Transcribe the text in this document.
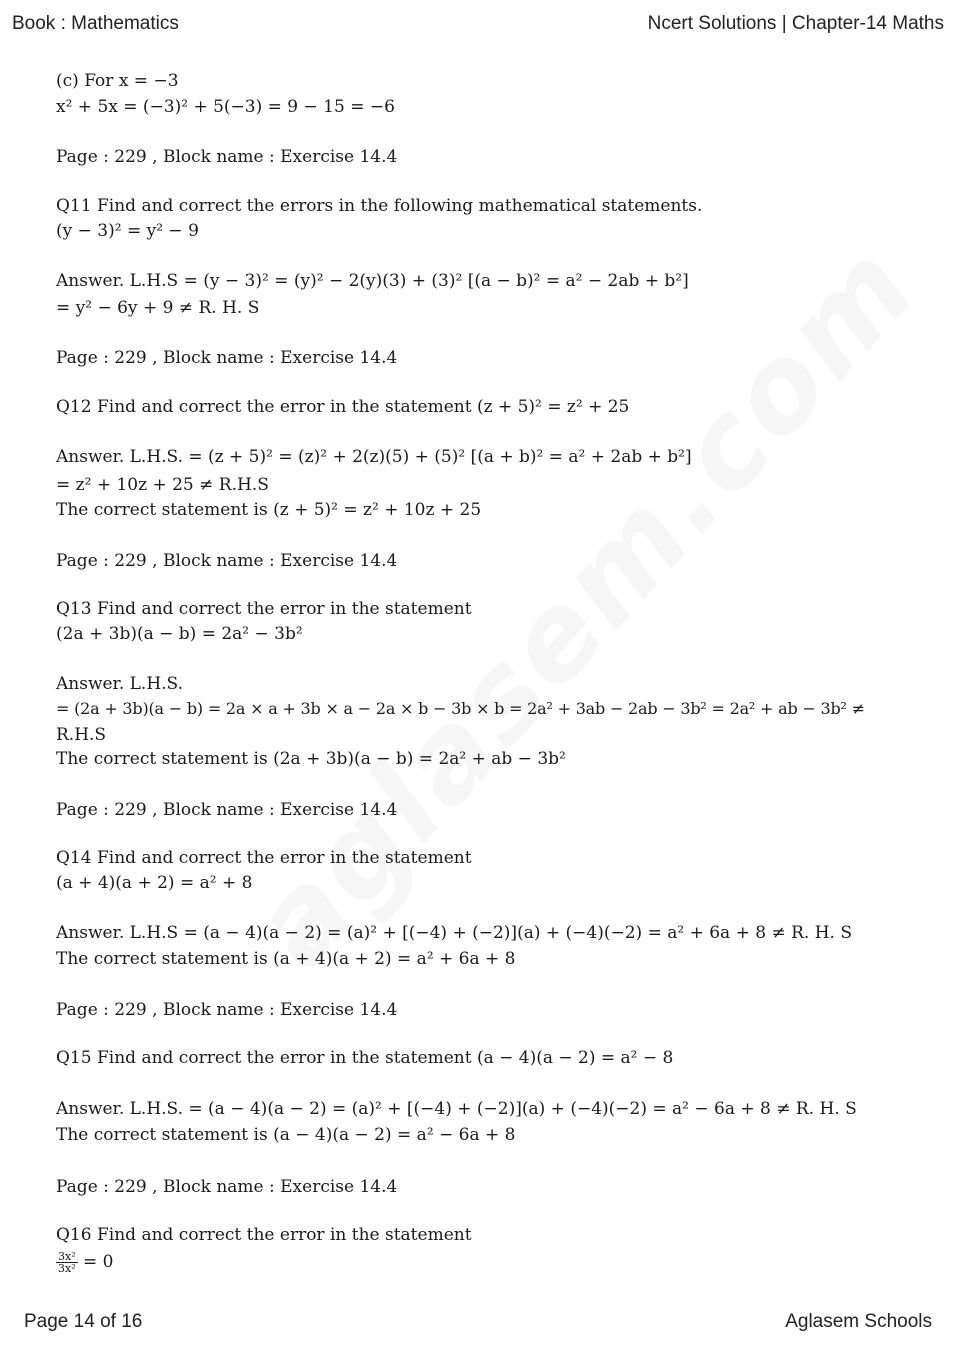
Book : Mathematics	Ncert Solutions | Chapter-14 Maths
(c) For x = −3
x² + 5x = (−3)² + 5(−3) = 9 − 15 = −6
Page : 229 , Block name : Exercise 14.4
Q11 Find and correct the errors in the following mathematical statements.
(y − 3)² = y² − 9
Answer. L.H.S = (y − 3)² = (y)² − 2(y)(3) + (3)² [(a − b)² = a² − 2ab + b²]
= y² − 6y + 9 ≠ R. H. S
Page : 229 , Block name : Exercise 14.4
Q12 Find and correct the error in the statement (z + 5)² = z² + 25
Answer. L.H.S. = (z + 5)² = (z)² + 2(z)(5) + (5)² [(a + b)² = a² + 2ab + b²]
= z² + 10z + 25 ≠ R.H.S
The correct statement is (z + 5)² = z² + 10z + 25
Page : 229 , Block name : Exercise 14.4
Q13 Find and correct the error in the statement
(2a + 3b)(a − b) = 2a² − 3b²
Answer. L.H.S.
= (2a + 3b)(a − b) = 2a × a + 3b × a − 2a × b − 3b × b = 2a² + 3ab − 2ab − 3b² = 2a² + ab − 3b² ≠
R.H.S
The correct statement is (2a + 3b)(a − b) = 2a² + ab − 3b²
Page : 229 , Block name : Exercise 14.4
Q14 Find and correct the error in the statement
(a + 4)(a + 2) = a² + 8
Answer. L.H.S = (a − 4)(a − 2) = (a)² + [(−4) + (−2)](a) + (−4)(−2) = a² + 6a + 8 ≠ R. H. S
The correct statement is (a + 4)(a + 2) = a² + 6a + 8
Page : 229 , Block name : Exercise 14.4
Q15 Find and correct the error in the statement (a − 4)(a − 2) = a² − 8
Answer. L.H.S. = (a − 4)(a − 2) = (a)² + [(−4) + (−2)](a) + (−4)(−2) = a² − 6a + 8 ≠ R. H. S
The correct statement is (a − 4)(a − 2) = a² − 6a + 8
Page : 229 , Block name : Exercise 14.4
Q16 Find and correct the error in the statement
$\frac{\text{3x²}}{\text{3x²}} = 0$
Page 14 of 16	Aglasem Schools
